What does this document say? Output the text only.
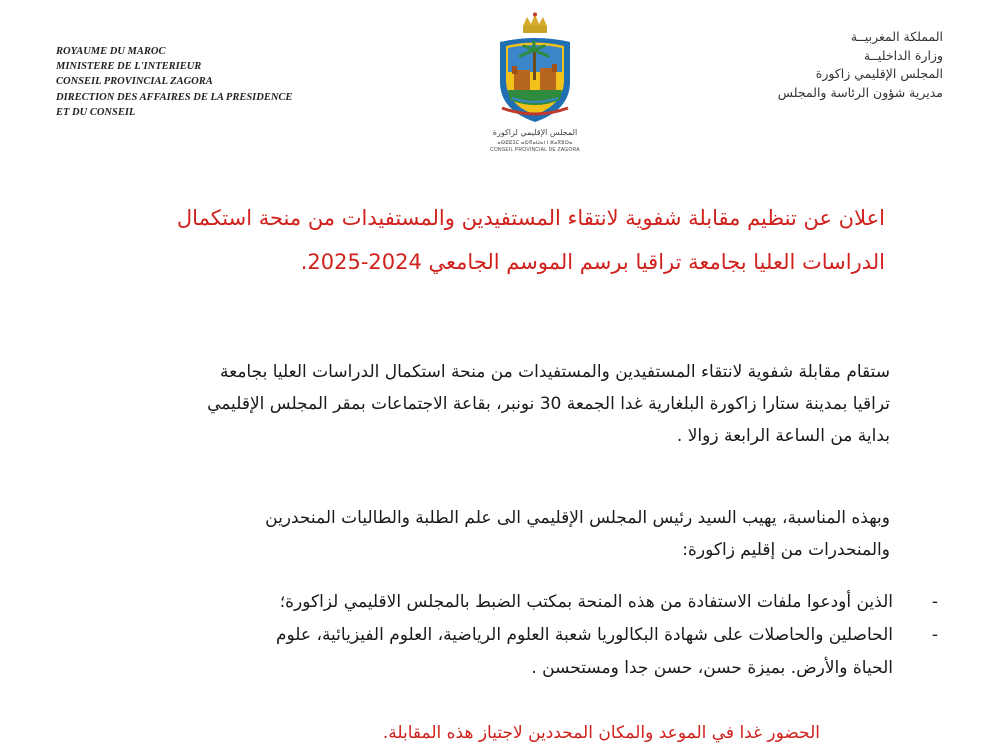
ROYAUME DU MAROC
MINISTERE DE L'INTERIEUR
CONSEIL PROVINCIAL ZAGORA
DIRECTION DES AFFAIRES DE LA PRESIDENCE
ET DU CONSEIL
المجلس الإقليمي لزاكورة
ⴰⵙⵇⵇⵉⵎ ⴰⵙⴳⴰⵡⴰⵏ ⵏ ⵣⴰⴳⵓⵔⴰ
CONSEIL PROVINCIAL DE ZAGORA
المملكة المغربيــة
وزارة الداخليــة
المجلس الإقليمي زاكورة
مديرية شؤون الرئاسة والمجلس
اعلان عن تنظيم مقابلة شفوية لانتقاء المستفيدين والمستفيدات من منحة استكمال
الدراسات العليا بجامعة تراقيا برسم الموسم الجامعي 2024-2025.
ستقام مقابلة شفوية لانتقاء المستفيدين والمستفيدات من منحة استكمال الدراسات العليا بجامعة
تراقيا بمدينة ستارا زاكورة البلغارية غدا الجمعة 30 نونبر، بقاعة الاجتماعات بمقر المجلس الإقليمي
بداية من الساعة الرابعة زوالا .
وبهذه المناسبة، يهيب السيد رئيس المجلس الإقليمي الى علم الطلبة والطاليات المنحدرين
والمنحدرات من إقليم زاكورة:
-
الذين أودعوا ملفات الاستفادة من هذه المنحة بمكتب الضبط بالمجلس الاقليمي لزاكورة؛
-
الحاصلين والحاصلات على شهادة البكالوريا شعبة العلوم الرياضية، العلوم الفيزيائية، علوم
الحياة والأرض. بميزة حسن، حسن جدا ومستحسن .
الحضور غدا في الموعد والمكان المحددين لاجتياز هذه المقابلة.
